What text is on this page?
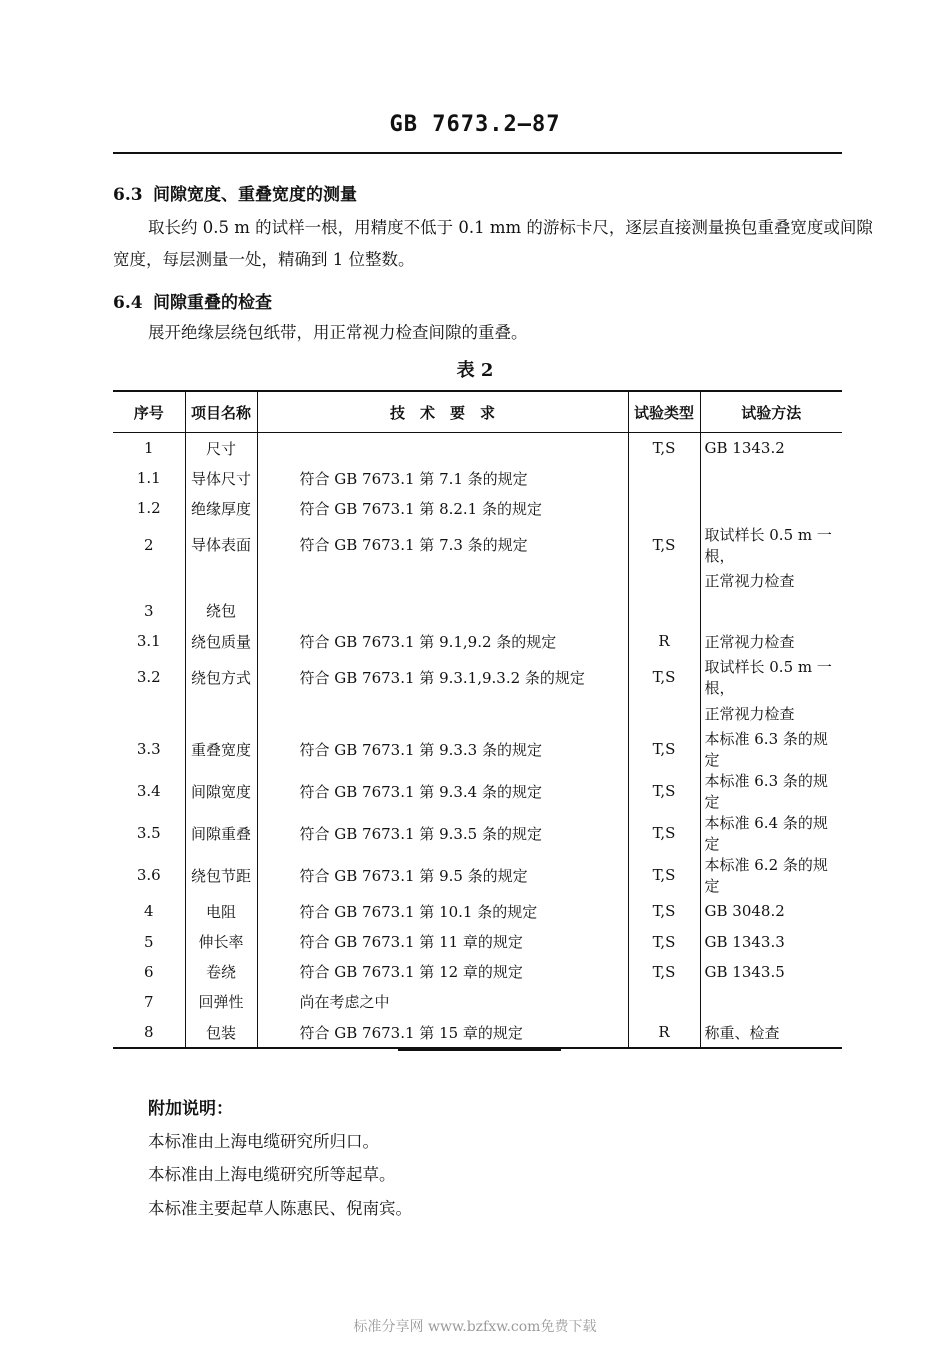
GB 7673.2—87
6.3 间隙宽度、重叠宽度的测量
取长约 0.5 m 的试样一根，用精度不低于 0.1 mm 的游标卡尺，逐层直接测量换包重叠宽度或间隙
宽度，每层测量一处，精确到 1 位整数。
6.4 间隙重叠的检查
展开绝缘层绕包纸带，用正常视力检查间隙的重叠。
表 2
序号	项目名称	技　术　要　求	试验类型	试验方法
1	尺寸		T,S	GB 1343.2
1.1	导体尺寸	符合 GB 7673.1 第 7.1 条的规定		
1.2	绝缘厚度	符合 GB 7673.1 第 8.2.1 条的规定		
2	导体表面	符合 GB 7673.1 第 7.3 条的规定	T,S	取试样长 0.5 m 一根，
				正常视力检查
3	绕包			
3.1	绕包质量	符合 GB 7673.1 第 9.1,9.2 条的规定	R	正常视力检查
3.2	绕包方式	符合 GB 7673.1 第 9.3.1,9.3.2 条的规定	T,S	取试样长 0.5 m 一根，
				正常视力检查
3.3	重叠宽度	符合 GB 7673.1 第 9.3.3 条的规定	T,S	本标准 6.3 条的规定
3.4	间隙宽度	符合 GB 7673.1 第 9.3.4 条的规定	T,S	本标准 6.3 条的规定
3.5	间隙重叠	符合 GB 7673.1 第 9.3.5 条的规定	T,S	本标准 6.4 条的规定
3.6	绕包节距	符合 GB 7673.1 第 9.5 条的规定	T,S	本标准 6.2 条的规定
4	电阻	符合 GB 7673.1 第 10.1 条的规定	T,S	GB 3048.2
5	伸长率	符合 GB 7673.1 第 11 章的规定	T,S	GB 1343.3
6	卷绕	符合 GB 7673.1 第 12 章的规定	T,S	GB 1343.5
7	回弹性	尚在考虑之中		
8	包装	符合 GB 7673.1 第 15 章的规定	R	称重、检查
附加说明：
本标准由上海电缆研究所归口。
本标准由上海电缆研究所等起草。
本标准主要起草人陈惠民、倪南宾。
标准分享网 www.bzfxw.com免费下载
